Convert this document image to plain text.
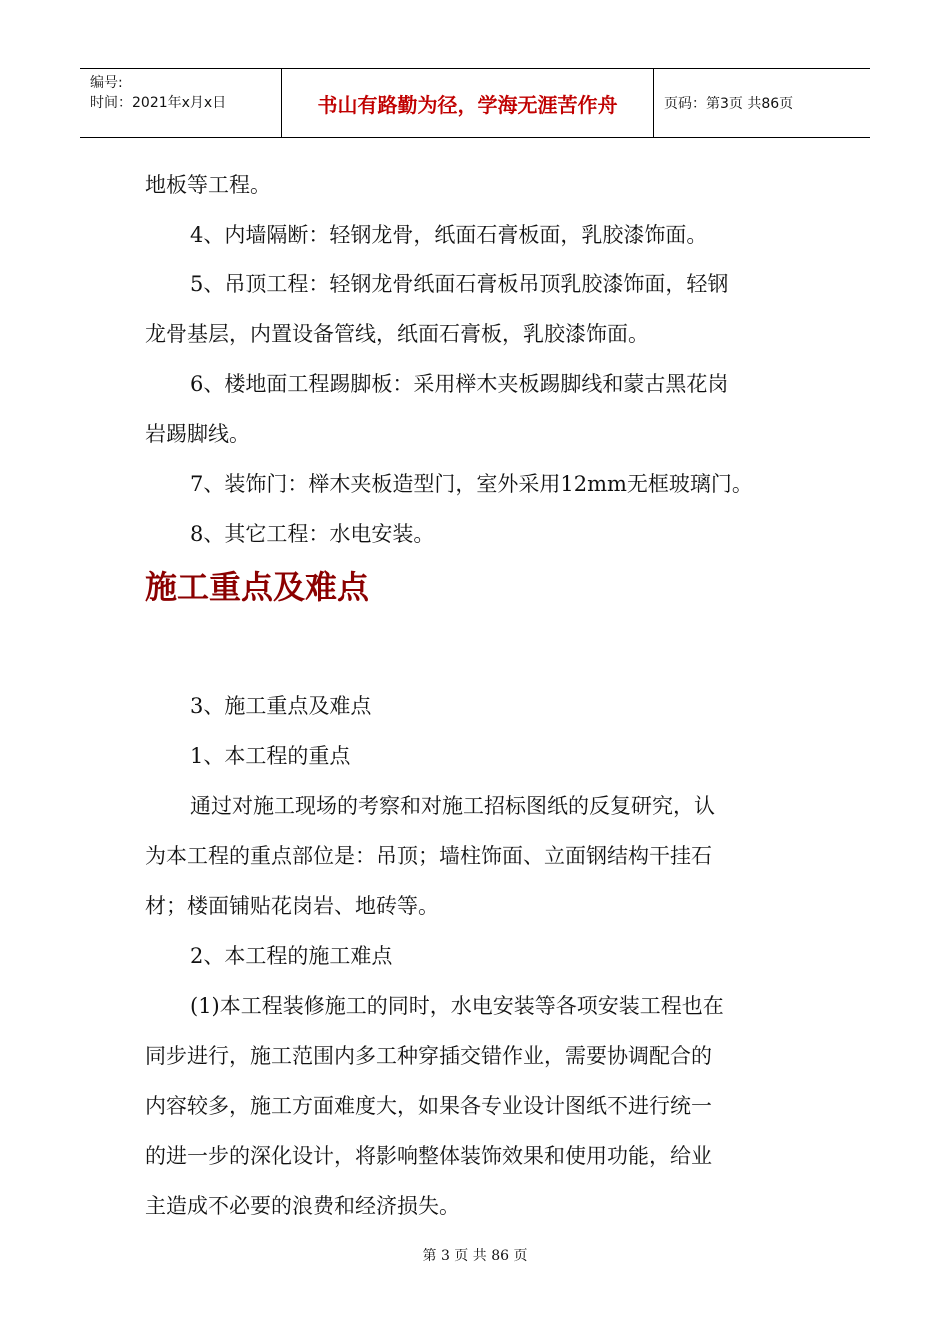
编号:
时间：2021年x月x日	书山有路勤为径，学海无涯苦作舟	页码：第3页 共86页
地板等工程。
4、内墙隔断：轻钢龙骨，纸面石膏板面，乳胶漆饰面。
5、吊顶工程：轻钢龙骨纸面石膏板吊顶乳胶漆饰面，轻钢
龙骨基层，内置设备管线，纸面石膏板，乳胶漆饰面。
6、楼地面工程踢脚板：采用榉木夹板踢脚线和蒙古黑花岗
岩踢脚线。
7、装饰门：榉木夹板造型门，室外采用12mm无框玻璃门。
8、其它工程：水电安装。
施工重点及难点
3、施工重点及难点
1、本工程的重点
通过对施工现场的考察和对施工招标图纸的反复研究，认
为本工程的重点部位是：吊顶；墙柱饰面、立面钢结构干挂石
材；楼面铺贴花岗岩、地砖等。
2、本工程的施工难点
(1)本工程装修施工的同时，水电安装等各项安装工程也在
同步进行，施工范围内多工种穿插交错作业，需要协调配合的
内容较多，施工方面难度大，如果各专业设计图纸不进行统一
的进一步的深化设计，将影响整体装饰效果和使用功能，给业
主造成不必要的浪费和经济损失。
第 3 页 共 86 页
